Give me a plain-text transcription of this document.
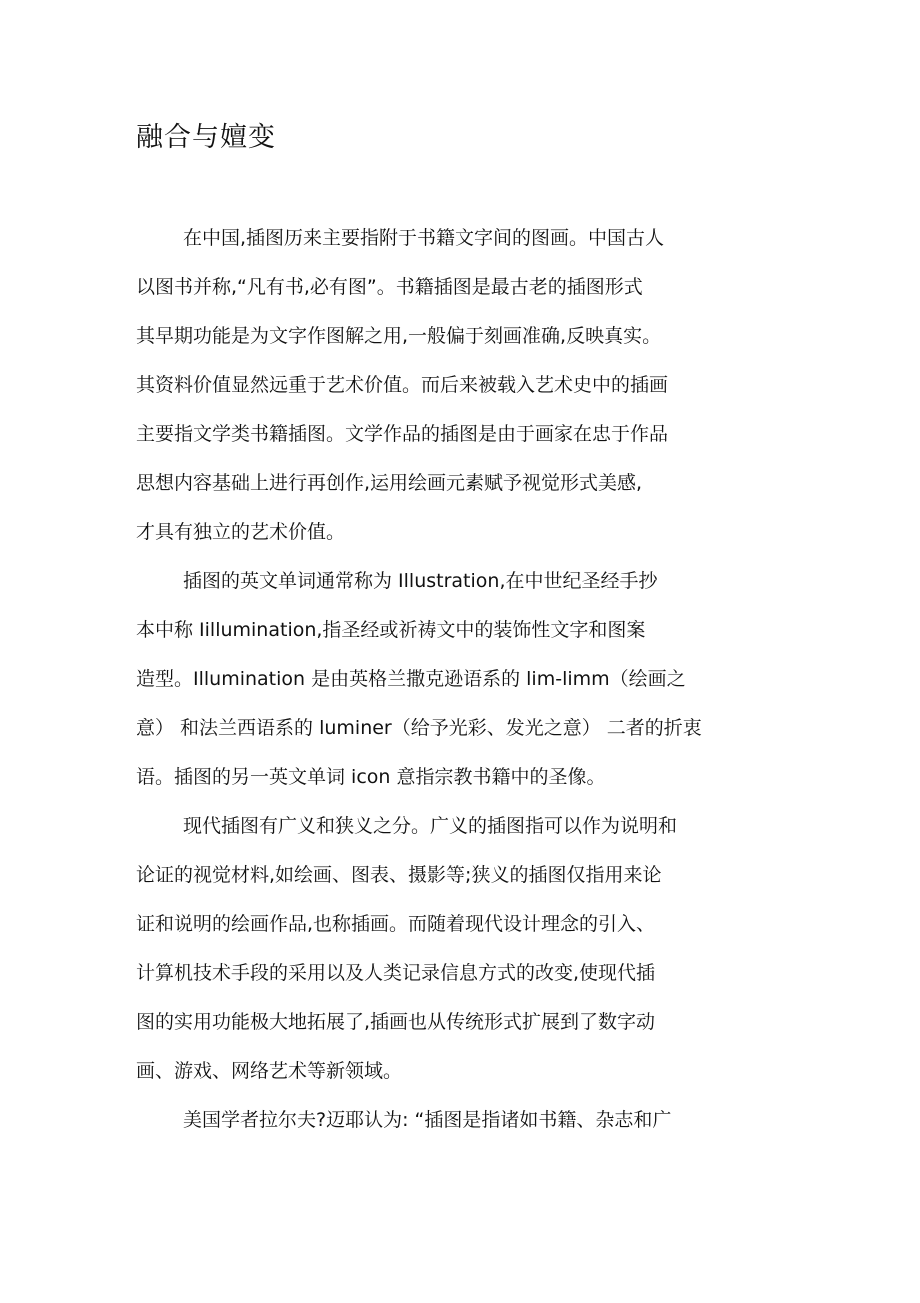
融合与嬗变
在中国,插图历来主要指附于书籍文字间的图画。中国古人
以图书并称,“凡有书,必有图”。书籍插图是最古老的插图形式
其早期功能是为文字作图解之用,一般偏于刻画准确,反映真实。
其资料价值显然远重于艺术价值。而后来被载入艺术史中的插画
主要指文学类书籍插图。文学作品的插图是由于画家在忠于作品
思想内容基础上进行再创作,运用绘画元素赋予视觉形式美感,
才具有独立的艺术价值。
插图的英文单词通常称为 Illustration,在中世纪圣经手抄
本中称 Iillumination,指圣经或祈祷文中的装饰性文字和图案
造型。Illumination 是由英格兰撒克逊语系的 lim-limm（绘画之
意） 和法兰西语系的 luminer（给予光彩、发光之意） 二者的折衷
语。插图的另一英文单词 icon 意指宗教书籍中的圣像。
现代插图有广义和狭义之分。广义的插图指可以作为说明和
论证的视觉材料,如绘画、图表、摄影等;狭义的插图仅指用来论
证和说明的绘画作品,也称插画。而随着现代设计理念的引入、
计算机技术手段的采用以及人类记录信息方式的改变,使现代插
图的实用功能极大地拓展了,插画也从传统形式扩展到了数字动
画、游戏、网络艺术等新领域。
美国学者拉尔夫?迈耶认为: “插图是指诸如书籍、杂志和广
